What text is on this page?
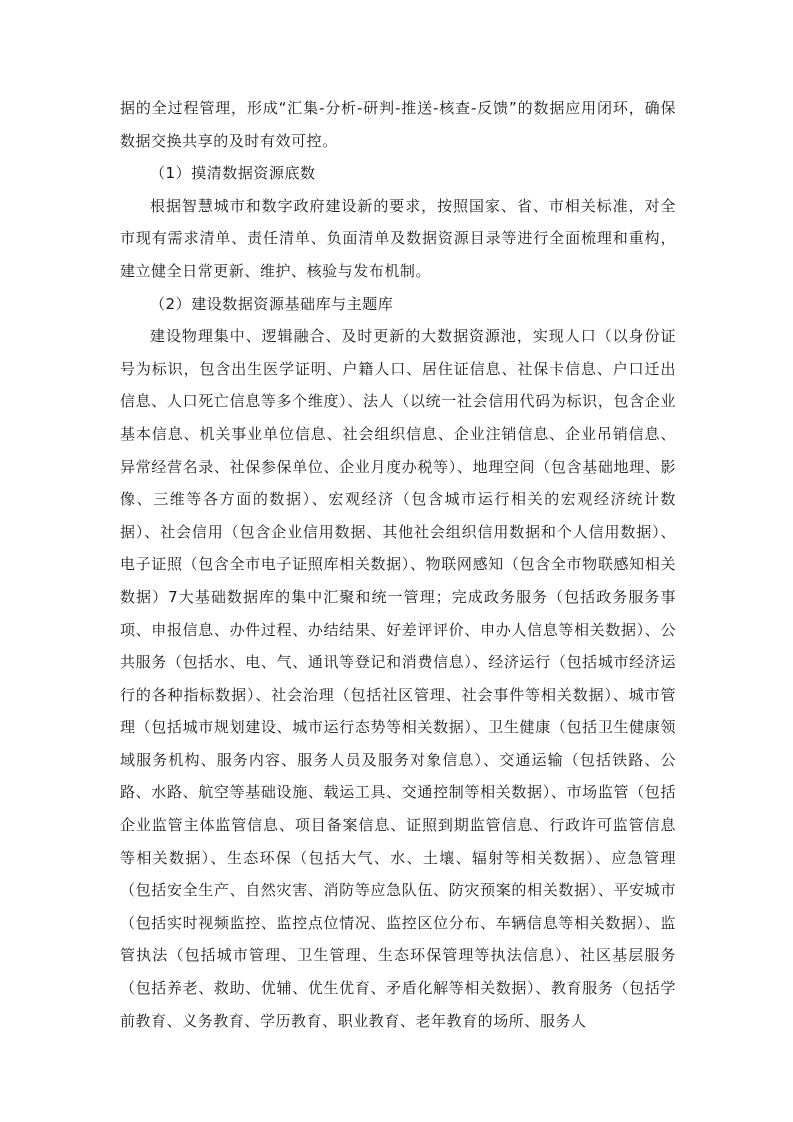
据的全过程管理，形成“汇集-分析-研判-推送-核查-反馈”的数据应用闭环，确保数据交换共享的及时有效可控。

（1）摸清数据资源底数

根据智慧城市和数字政府建设新的要求，按照国家、省、市相关标准，对全市现有需求清单、责任清单、负面清单及数据资源目录等进行全面梳理和重构，建立健全日常更新、维护、核验与发布机制。

（2）建设数据资源基础库与主题库

建设物理集中、逻辑融合、及时更新的大数据资源池，实现人口（以身份证号为标识，包含出生医学证明、户籍人口、居住证信息、社保卡信息、户口迁出信息、人口死亡信息等多个维度）、法人（以统一社会信用代码为标识，包含企业基本信息、机关事业单位信息、社会组织信息、企业注销信息、企业吊销信息、异常经营名录、社保参保单位、企业月度办税等）、地理空间（包含基础地理、影像、三维等各方面的数据）、宏观经济（包含城市运行相关的宏观经济统计数据）、社会信用（包含企业信用数据、其他社会组织信用数据和个人信用数据）、电子证照（包含全市电子证照库相关数据）、物联网感知（包含全市物联感知相关数据）7大基础数据库的集中汇聚和统一管理；完成政务服务（包括政务服务事项、申报信息、办件过程、办结结果、好差评评价、申办人信息等相关数据）、公共服务（包括水、电、气、通讯等登记和消费信息）、经济运行（包括城市经济运行的各种指标数据）、社会治理（包括社区管理、社会事件等相关数据）、城市管理（包括城市规划建设、城市运行态势等相关数据）、卫生健康（包括卫生健康领域服务机构、服务内容、服务人员及服务对象信息）、交通运输（包括铁路、公路、水路、航空等基础设施、载运工具、交通控制等相关数据）、市场监管（包括企业监管主体监管信息、项目备案信息、证照到期监管信息、行政许可监管信息等相关数据）、生态环保（包括大气、水、土壤、辐射等相关数据）、应急管理（包括安全生产、自然灾害、消防等应急队伍、防灾预案的相关数据）、平安城市（包括实时视频监控、监控点位情况、监控区位分布、车辆信息等相关数据）、监管执法（包括城市管理、卫生管理、生态环保管理等执法信息）、社区基层服务（包括养老、救助、优辅、优生优育、矛盾化解等相关数据）、教育服务（包括学前教育、义务教育、学历教育、职业教育、老年教育的场所、服务人
